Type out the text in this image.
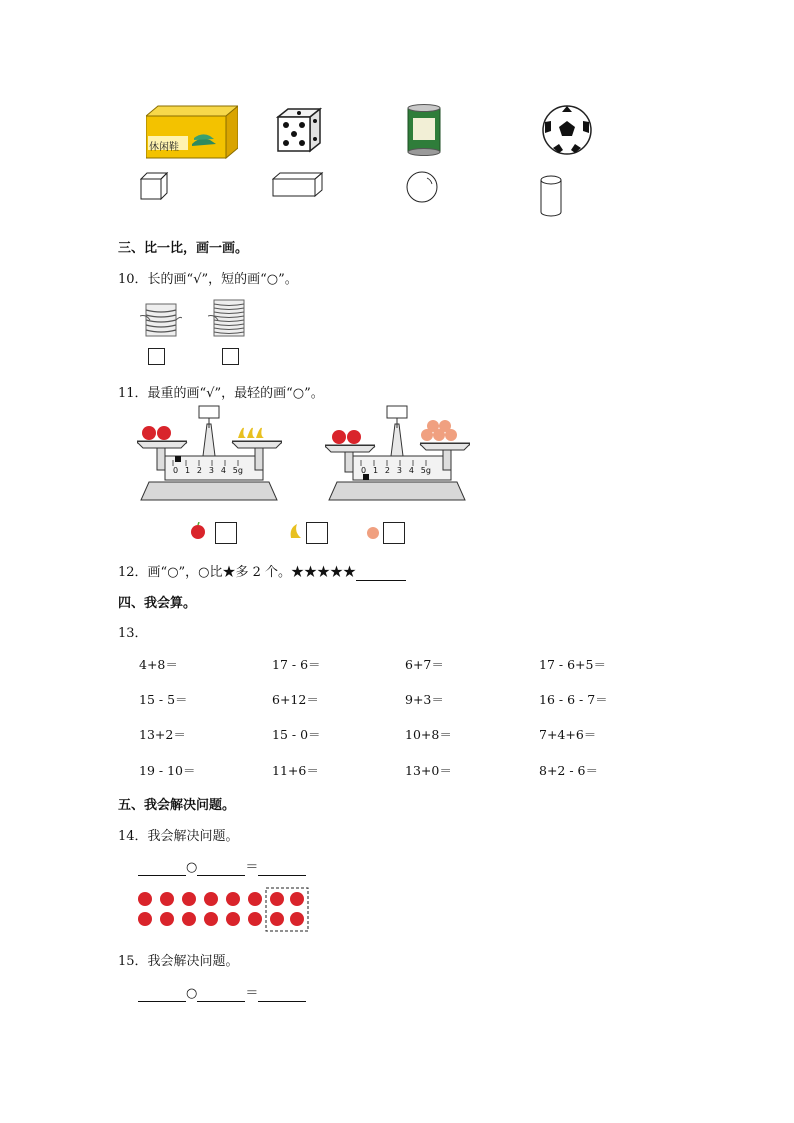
休闲鞋
三、比一比，画一画。
10．长的画“√”，短的画“○”。
11．最重的画“√”，最轻的画“○”。
0 1 2 3 4 5g	0 1 2 3 4 5g
12．画“○”，○比★多 2 个。★★★★★
四、我会算。
13．
4+8＝	17 - 6＝	6+7＝	17 - 6+5＝
15 - 5＝	6+12＝	9+3＝	16 - 6 - 7＝
13+2＝	15 - 0＝	10+8＝	7+4+6＝
19 - 10＝	11+6＝	13+0＝	8+2 - 6＝
五、我会解决问题。
14．我会解决问题。
○	＝
15．我会解决问题。
○	＝
